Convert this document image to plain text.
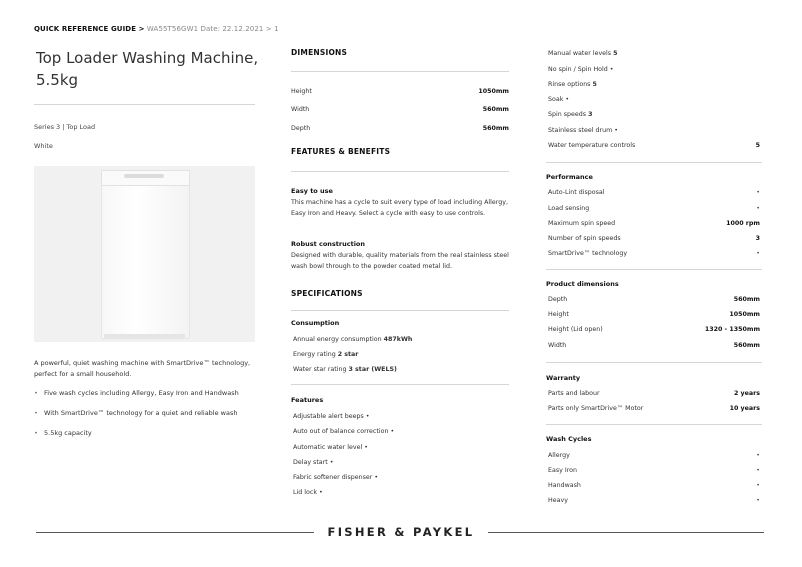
QUICK REFERENCE GUIDE > WA55T56GW1 Date: 22.12.2021 > 1
Top Loader Washing Machine, 5.5kg
Series 3 | Top Load
White
A powerful, quiet washing machine with SmartDrive™ technology, perfect for a small household.
• Five wash cycles including Allergy, Easy Iron and Handwash
• With SmartDrive™ technology for a quiet and reliable wash
• 5.5kg capacity
DIMENSIONS
Height	1050mm
Width	560mm
Depth	560mm
FEATURES & BENEFITS
Easy to use
This machine has a cycle to suit every type of load including Allergy, Easy Iron and Heavy. Select a cycle with easy to use controls.
Robust construction
Designed with durable, quality materials from the real stainless steel wash bowl through to the powder coated metal lid.
SPECIFICATIONS
Consumption
Annual energy consumption 487kWh
Energy rating 2 star
Water star rating 3 star (WELS)
Features
Adjustable alert beeps •
Auto out of balance correction •
Automatic water level •
Delay start •
Fabric softener dispenser •
Lid lock •
Manual water levels 5
No spin / Spin Hold •
Rinse options 5
Soak •
Spin speeds 3
Stainless steel drum •
Water temperature controls	5
Performance
Auto-Lint disposal	•
Load sensing	•
Maximum spin speed	1000 rpm
Number of spin speeds	3
SmartDrive™ technology	•
Product dimensions
Depth	560mm
Height	1050mm
Height (Lid open)	1320 - 1350mm
Width	560mm
Warranty
Parts and labour	2 years
Parts only SmartDrive™ Motor	10 years
Wash Cycles
Allergy	•
Easy Iron	•
Handwash	•
Heavy	•
FISHER & PAYKEL
